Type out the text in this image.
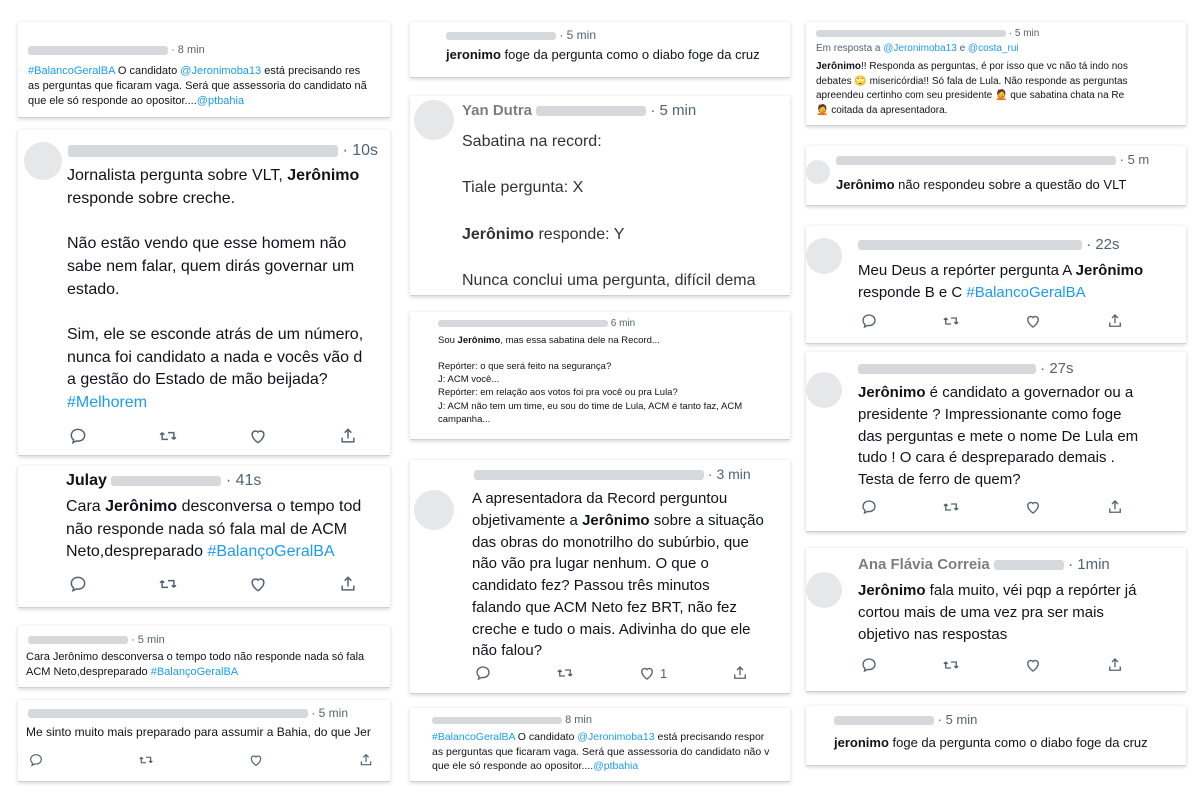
· 8 min
#BalancoGeralBA O candidato @Jeronimoba13 está precisando res
as perguntas que ficaram vaga. Será que assessoria do candidato nã
que ele só responde ao opositor....@ptbahia
· 10s
Jornalista pergunta sobre VLT, Jerônimo
responde sobre creche.

Não estão vendo que esse homem não
sabe nem falar, quem dirás governar um
estado.

Sim, ele se esconde atrás de um número,
nunca foi candidato a nada e vocês vão d
a gestão do Estado de mão beijada?
#Melhorem
Julay	· 41s
Cara Jerônimo desconversa o tempo tod
não responde nada só fala mal de ACM
Neto,despreparado #BalançoGeralBA
· 5 min
Cara Jerônimo desconversa o tempo todo não responde nada só fala
ACM Neto,despreparado #BalançoGeralBA
· 5 min
Me sinto muito mais preparado para assumir a Bahia, do que Jer
· 5 min
jeronimo foge da pergunta como o diabo foge da cruz
Yan Dutra	· 5 min
Sabatina na record:

Tiale pergunta: X

Jerônimo responde: Y

Nunca conclui uma pergunta, difícil dema
6 min
Sou Jerônimo, mas essa sabatina dele na Record...

Repórter: o que será feito na segurança?
J: ACM você...
Repórter: em relação aos votos foi pra você ou pra Lula?
J: ACM não tem um time, eu sou do time de Lula, ACM é tanto faz, ACM
campanha...
· 3 min
A apresentadora da Record perguntou
objetivamente a Jerônimo sobre a situação
das obras do monotrilho do subúrbio, que
não vão pra lugar nenhum. O que o
candidato fez? Passou três minutos
falando que ACM Neto fez BRT, não fez
creche e tudo o mais. Adivinha do que ele
não falou?
1
8 min
#BalancoGeralBA O candidato @Jeronimoba13 está precisando respor
as perguntas que ficaram vaga. Será que assessoria do candidato não v
que ele só responde ao opositor....@ptbahia
· 5 min
Em resposta a @Jeronimoba13 e @costa_rui
Jerônimo!! Responda as perguntas, é por isso que vc não tá indo nos
debates 🙄 misericórdia!! Só fala de Lula. Não responde as perguntas
apreendeu certinho com seu presidente 🤦 que sabatina chata na Re
🤦 coitada da apresentadora.
· 5 m
Jerônimo não respondeu sobre a questão do VLT
· 22s
Meu Deus a repórter pergunta A Jerônimo
responde B e C #BalancoGeralBA
· 27s
Jerônimo é candidato a governador ou a
presidente ? Impressionante como foge
das perguntas e mete o nome De Lula em
tudo ! O cara é despreparado demais .
Testa de ferro de quem?
Ana Flávia Correia	· 1min
Jerônimo fala muito, véi pqp a repórter já
cortou mais de uma vez pra ser mais
objetivo nas respostas
· 5 min
jeronimo foge da pergunta como o diabo foge da cruz
